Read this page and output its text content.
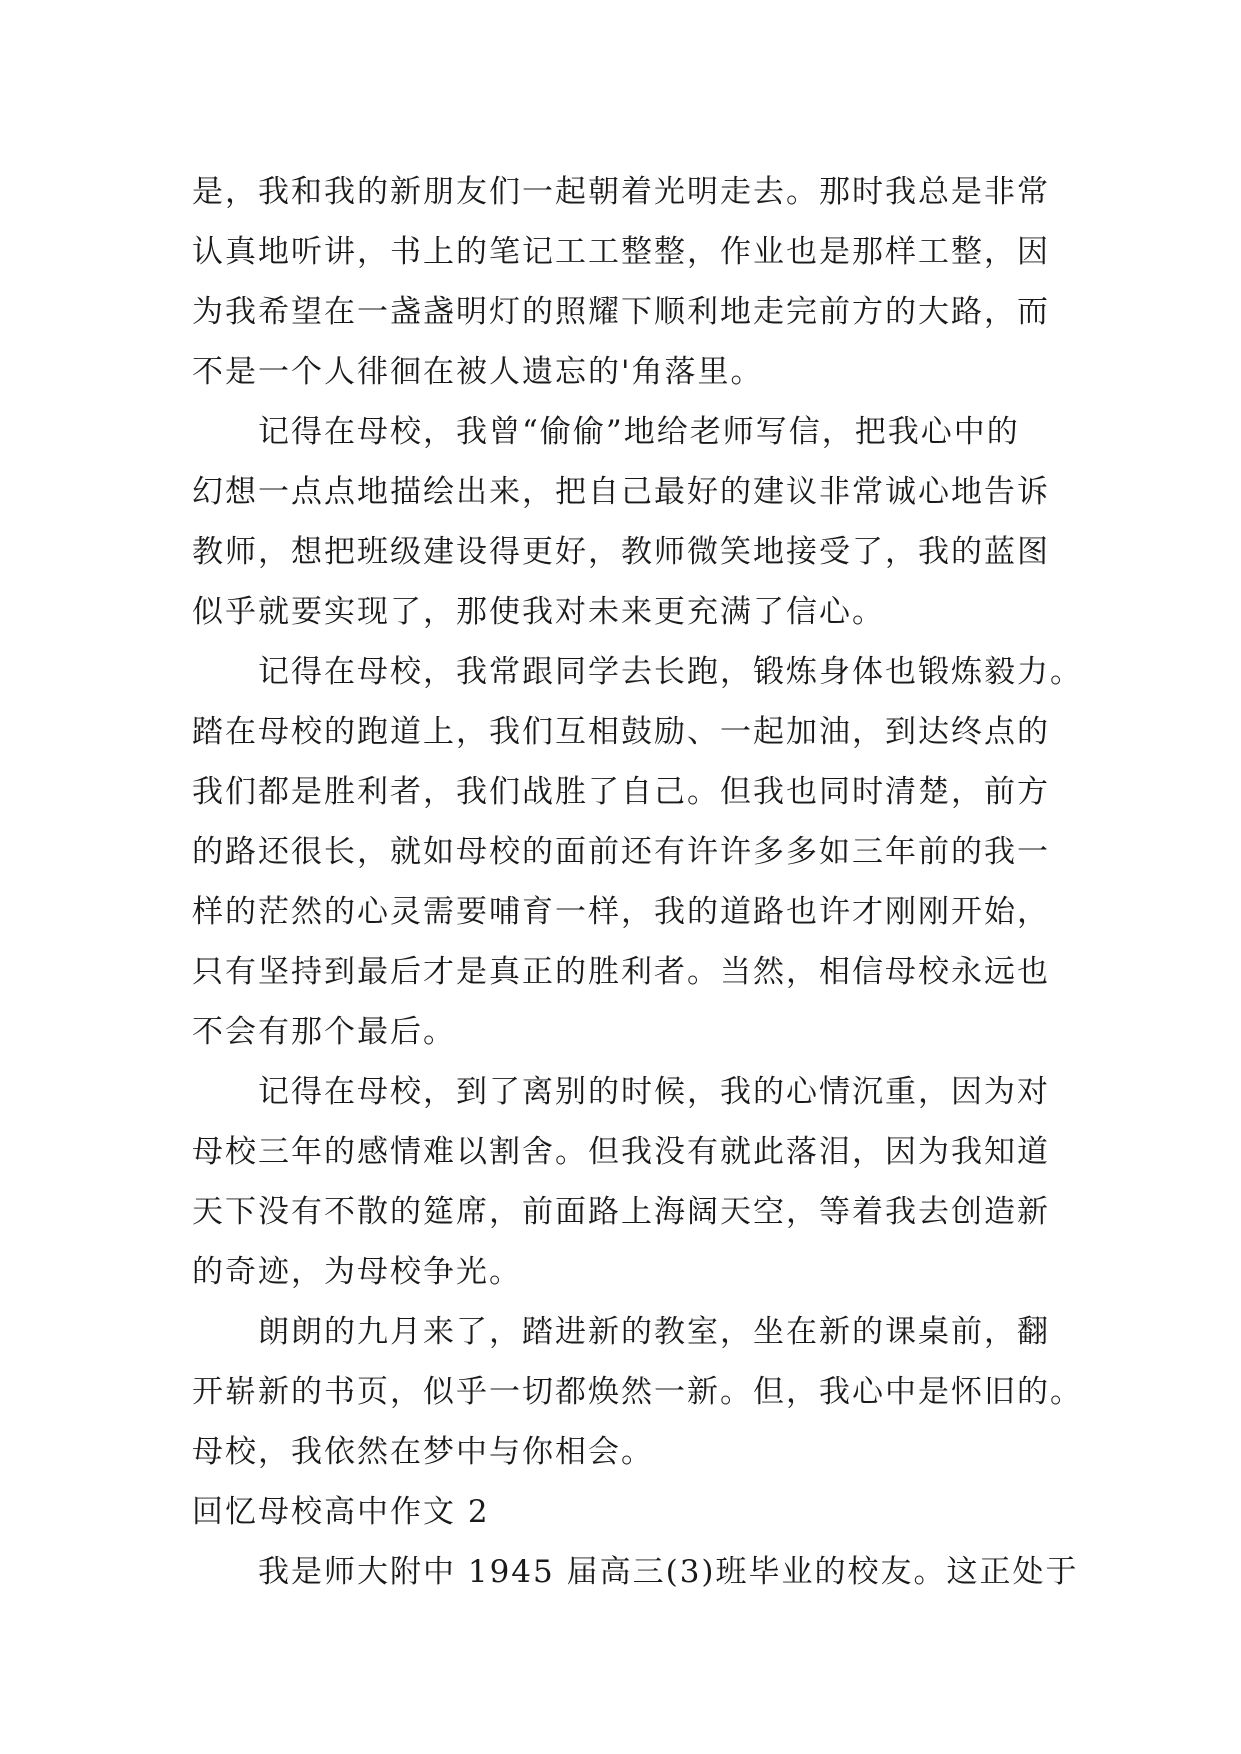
是，我和我的新朋友们一起朝着光明走去。那时我总是非常
认真地听讲，书上的笔记工工整整，作业也是那样工整，因
为我希望在一盏盏明灯的照耀下顺利地走完前方的大路，而
不是一个人徘徊在被人遗忘的'角落里。
记得在母校，我曾“偷偷”地给老师写信，把我心中的
幻想一点点地描绘出来，把自己最好的建议非常诚心地告诉
教师，想把班级建设得更好，教师微笑地接受了，我的蓝图
似乎就要实现了，那使我对未来更充满了信心。
记得在母校，我常跟同学去长跑，锻炼身体也锻炼毅力。
踏在母校的跑道上，我们互相鼓励、一起加油，到达终点的
我们都是胜利者，我们战胜了自己。但我也同时清楚，前方
的路还很长，就如母校的面前还有许许多多如三年前的我一
样的茫然的心灵需要哺育一样，我的道路也许才刚刚开始，
只有坚持到最后才是真正的胜利者。当然，相信母校永远也
不会有那个最后。
记得在母校，到了离别的时候，我的心情沉重，因为对
母校三年的感情难以割舍。但我没有就此落泪，因为我知道
天下没有不散的筵席，前面路上海阔天空，等着我去创造新
的奇迹，为母校争光。
朗朗的九月来了，踏进新的教室，坐在新的课桌前，翻
开崭新的书页，似乎一切都焕然一新。但，我心中是怀旧的。
母校，我依然在梦中与你相会。
回忆母校高中作文 2
我是师大附中 1945 届高三(3)班毕业的校友。这正处于
